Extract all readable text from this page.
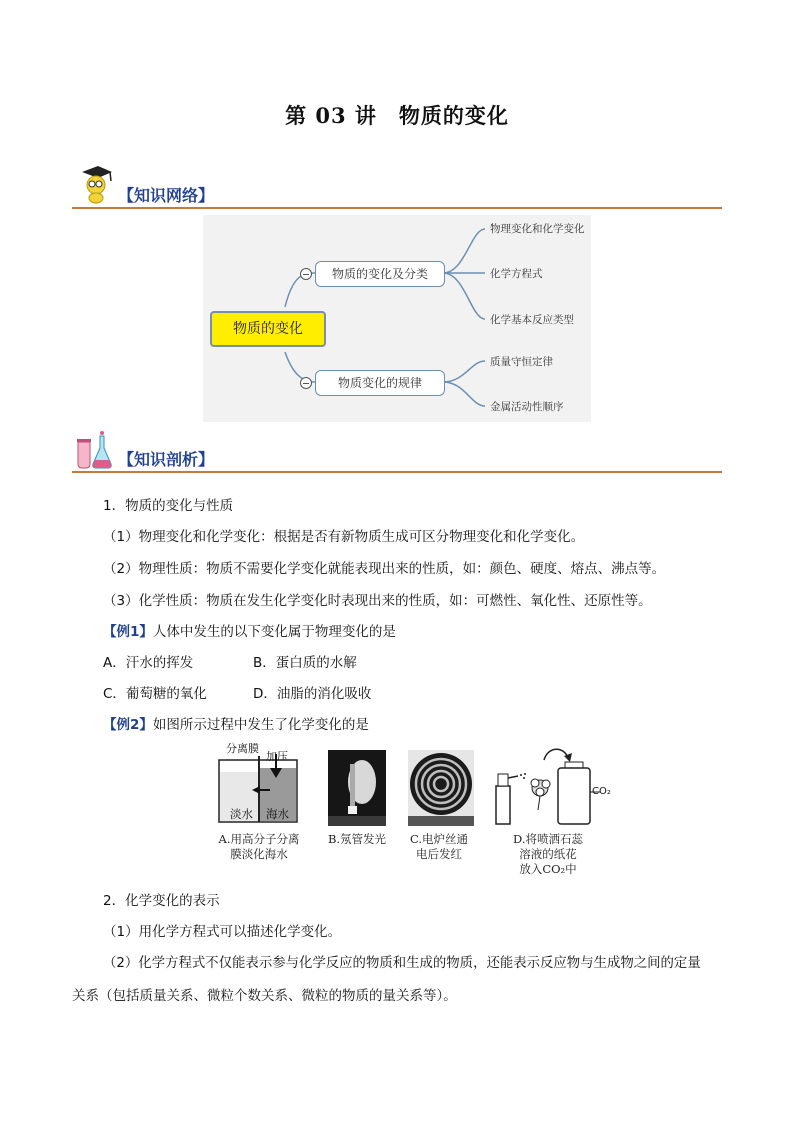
第 03 讲　物质的变化
【知识网络】
物质的变化
物质的变化及分类
物质变化的规律
物理变化和化学变化
化学方程式
化学基本反应类型
质量守恒定律
金属活动性顺序
【知识剖析】
1．物质的变化与性质
（1）物理变化和化学变化：根据是否有新物质生成可区分物理变化和化学变化。
（2）物理性质：物质不需要化学变化就能表现出来的性质，如：颜色、硬度、熔点、沸点等。
（3）化学性质：物质在发生化学变化时表现出来的性质，如：可燃性、氧化性、还原性等。
【例1】人体中发生的以下变化属于物理变化的是
A．汗水的挥发	B．蛋白质的水解
C．葡萄糖的氧化	D．油脂的消化吸收
【例2】如图所示过程中发生了化学变化的是
分离膜
加压
淡水 海水
CO₂
A.用高分子分离
膜淡化海水
B.氖管发光	C.电炉丝通
电后发红
D.将喷洒石蕊
溶液的纸花
放入CO₂中
2．化学变化的表示
（1）用化学方程式可以描述化学变化。
（2）化学方程式不仅能表示参与化学反应的物质和生成的物质，还能表示反应物与生成物之间的定量
关系（包括质量关系、微粒个数关系、微粒的物质的量关系等）。
